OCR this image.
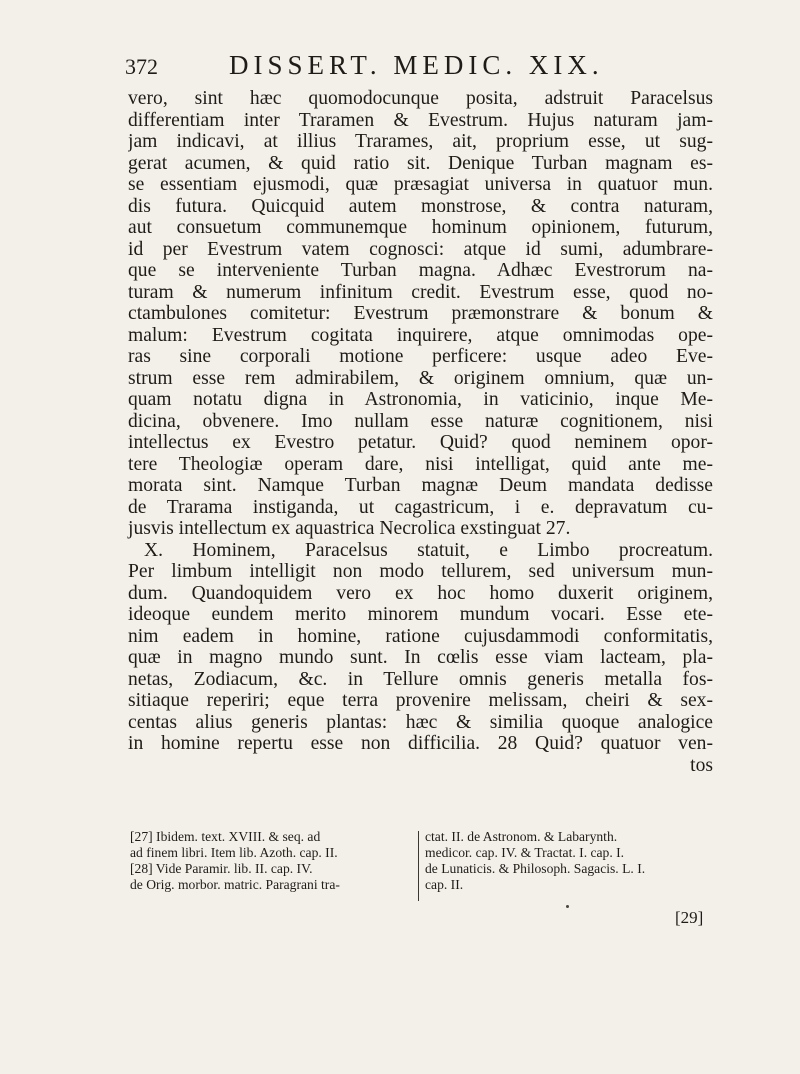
372	DISSERT. MEDIC. XIX.
vero, sint hæc quomodocunque posita, adstruit Paracelsus
differentiam inter Traramen & Evestrum. Hujus naturam jam-
jam indicavi, at illius Trarames, ait, proprium esse, ut sug-
gerat acumen, & quid ratio sit. Denique Turban magnam es-
se essentiam ejusmodi, quæ præsagiat universa in quatuor mun.
dis futura. Quicquid autem monstrose, & contra naturam,
aut consuetum communemque hominum opinionem, futurum,
id per Evestrum vatem cognosci: atque id sumi, adumbrare-
que se interveniente Turban magna. Adhæc Evestrorum na-
turam & numerum infinitum credit. Evestrum esse, quod no-
ctambulones comitetur: Evestrum præmonstrare & bonum &
malum: Evestrum cogitata inquirere, atque omnimodas ope-
ras sine corporali motione perficere: usque adeo Eve-
strum esse rem admirabilem, & originem omnium, quæ un-
quam notatu digna in Astronomia, in vaticinio, inque Me-
dicina, obvenere. Imo nullam esse naturæ cognitionem, nisi
intellectus ex Evestro petatur. Quid? quod neminem opor-
tere Theologiæ operam dare, nisi intelligat, quid ante me-
morata sint. Namque Turban magnæ Deum mandata dedisse
de Trarama instiganda, ut cagastricum, i e. depravatum cu-
jusvis intellectum ex aquastrica Necrolica exstinguat 27.
X. Hominem, Paracelsus statuit, e Limbo procreatum.
Per limbum intelligit non modo tellurem, sed universum mun-
dum. Quandoquidem vero ex hoc homo duxerit originem,
ideoque eundem merito minorem mundum vocari. Esse ete-
nim eadem in homine, ratione cujusdammodi conformitatis,
quæ in magno mundo sunt. In cœlis esse viam lacteam, pla-
netas, Zodiacum, &c. in Tellure omnis generis metalla fos-
sitiaque reperiri; eque terra provenire melissam, cheiri & sex-
centas alius generis plantas: hæc & similia quoque analogice
in homine repertu esse non difficilia. 28 Quid? quatuor ven-
tos
[27] Ibidem. text. XVIII. & seq. ad
ad finem libri. Item lib. Azoth. cap. II.
[28] Vide Paramir. lib. II. cap. IV.
de Orig. morbor. matric. Paragrani tra-
ctat. II. de Astronom. & Labarynth.
medicor. cap. IV. & Tractat. I. cap. I.
de Lunaticis. & Philosoph. Sagacis. L. I.
cap. II.
[29]
